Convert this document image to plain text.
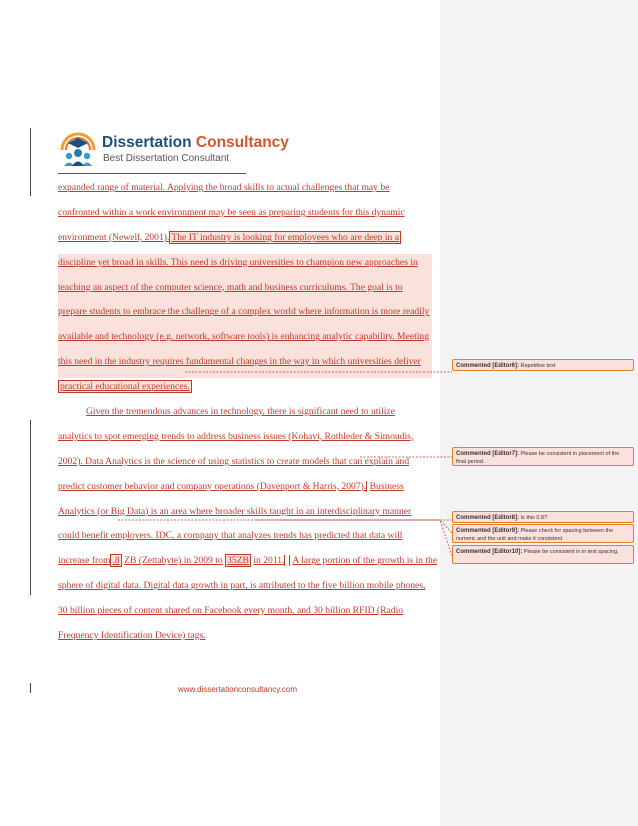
Dissertation Consultancy
Best Dissertation Consultant
expanded range of material. Applying the broad skills to actual challenges that may be
confronted within a work environment may be seen as preparing students for this dynamic
environment (Newell, 2001). The IT industry is looking for employees who are deep in a
discipline yet broad in skills. This need is driving universities to champion new approaches in
teaching an aspect of the computer science, math and business curriculums. The goal is to
prepare students to embrace the challenge of a complex world where information is more readily
available and technology (e.g. network, software tools) is enhancing analytic capability. Meeting
this need in the industry requires fundamental changes in the way in which universities deliver
practical educational experiences.
Given the tremendous advances in technology, there is significant need to utilize
analytics to spot emerging trends to address business issues (Kohavi, Rothleder & Simoudis,
2002). Data Analytics is the science of using statistics to create models that can explain and
predict customer behavior and company operations (Davenport & Harris, 2007). Business
Analytics (or Big Data) is an area where broader skills taught in an interdisciplinary manner
could benefit employers. IDC, a company that analyzes trends has predicted that data will
increase from .8 ZB (Zettabyte) in 2009 to 35ZB in 2011. A large portion of the growth is in the
sphere of digital data. Digital data growth in part, is attributed to the five billion mobile phones,
30 billion pieces of content shared on Facebook every month, and 30 billion RFID (Radio
Frequency Identification Device) tags.
Commented [Editor6]: Repetitive text
Commented [Editor7]: Please be consistent in placement of the final period.
Commented [Editor8]: Is this 0.8?
Commented [Editor9]: Please check for spacing between the numeric and the unit and make it consistent
Commented [Editor10]: Please be consistent in in text spacing.
www.dissertationconsultancy.com
